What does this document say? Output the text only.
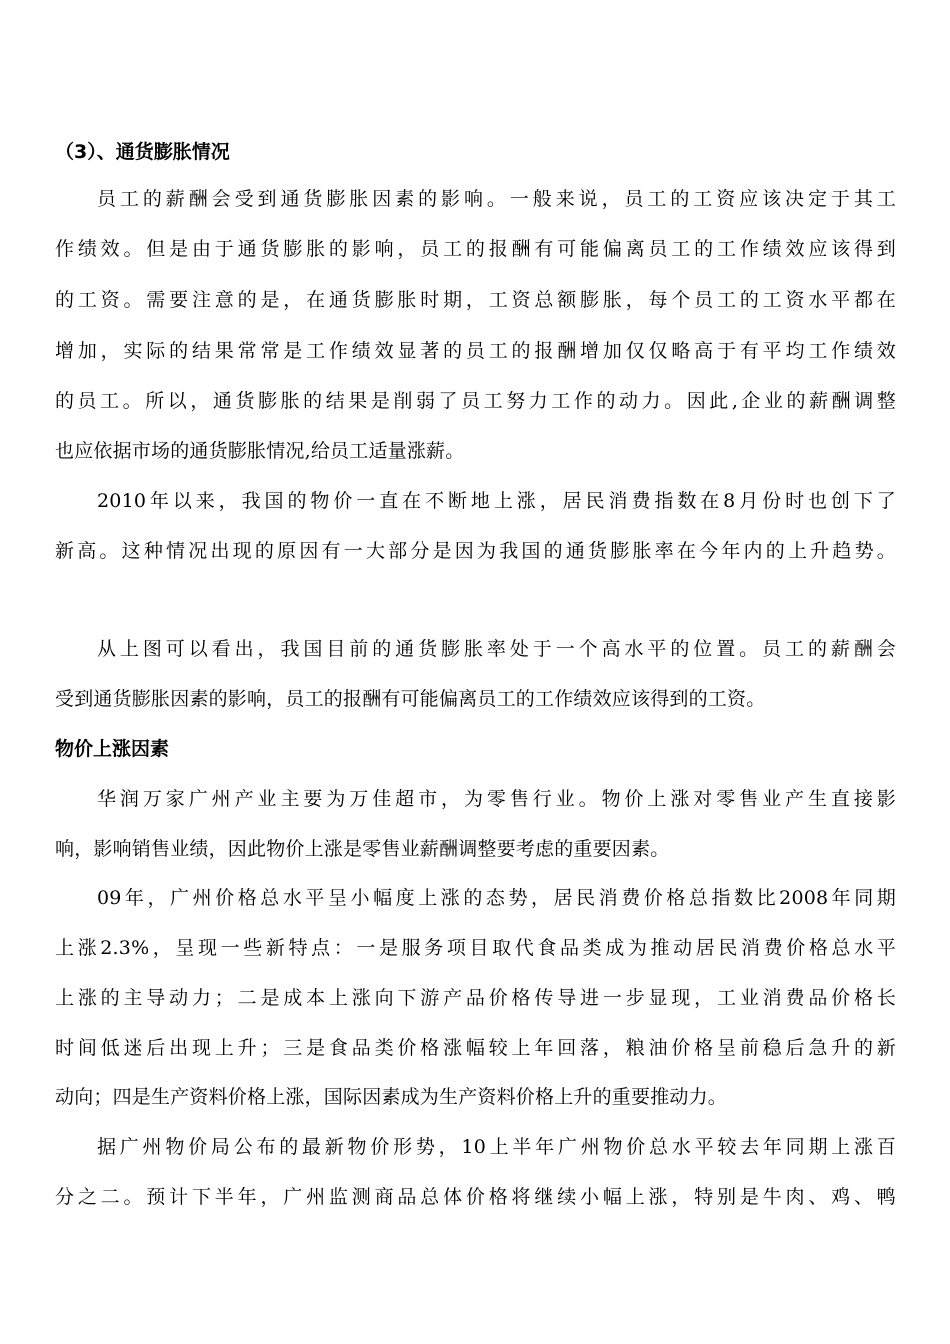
（3）、通货膨胀情况
员工的薪酬会受到通货膨胀因素的影响。一般来说，员工的工资应该决定于其工
作绩效。但是由于通货膨胀的影响，员工的报酬有可能偏离员工的工作绩效应该得到
的工资。需要注意的是，在通货膨胀时期，工资总额膨胀，每个员工的工资水平都在
增加，实际的结果常常是工作绩效显著的员工的报酬增加仅仅略高于有平均工作绩效
的员工。所以，通货膨胀的结果是削弱了员工努力工作的动力。因此,企业的薪酬调整
也应依据市场的通货膨胀情况,给员工适量涨薪。
2010年以来，我国的物价一直在不断地上涨，居民消费指数在8月份时也创下了
新高。这种情况出现的原因有一大部分是因为我国的通货膨胀率在今年内的上升趋势。
从上图可以看出，我国目前的通货膨胀率处于一个高水平的位置。员工的薪酬会
受到通货膨胀因素的影响，员工的报酬有可能偏离员工的工作绩效应该得到的工资。
物价上涨因素
华润万家广州产业主要为万佳超市，为零售行业。物价上涨对零售业产生直接影
响，影响销售业绩，因此物价上涨是零售业薪酬调整要考虑的重要因素。
09年，广州价格总水平呈小幅度上涨的态势，居民消费价格总指数比2008年同期
上涨2.3%，呈现一些新特点：一是服务项目取代食品类成为推动居民消费价格总水平
上涨的主导动力；二是成本上涨向下游产品价格传导进一步显现，工业消费品价格长
时间低迷后出现上升；三是食品类价格涨幅较上年回落，粮油价格呈前稳后急升的新
动向；四是生产资料价格上涨，国际因素成为生产资料价格上升的重要推动力。
据广州物价局公布的最新物价形势，10上半年广州物价总水平较去年同期上涨百
分之二。预计下半年，广州监测商品总体价格将继续小幅上涨，特别是牛肉、鸡、鸭
